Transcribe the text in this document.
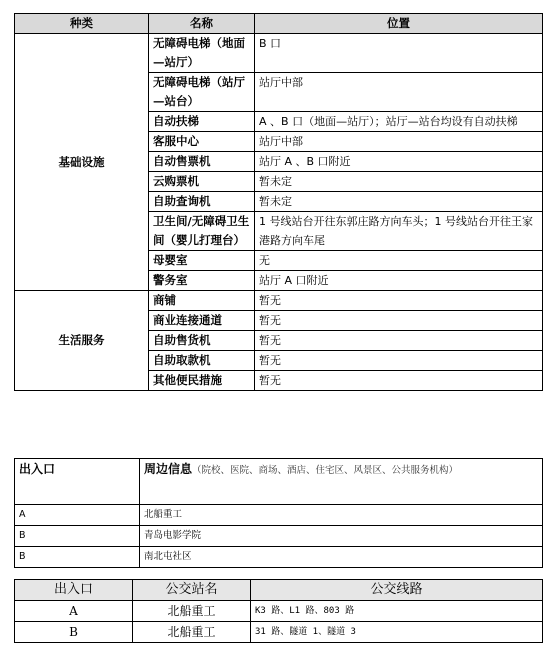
种类	名称	位置
基础设施	无障碍电梯（地面—站厅）	B 口
	无障碍电梯（站厅—站台）	站厅中部
	自动扶梯	A 、B 口（地面—站厅）；站厅—站台均设有自动扶梯
	客服中心	站厅中部
	自动售票机	站厅 A 、B 口附近
	云购票机	暂未定
	自助查询机	暂未定
	卫生间/无障碍卫生间（婴儿打理台）	1 号线站台开往东郭庄路方向车头；1 号线站台开往王家港路方向车尾
	母婴室	无
	警务室	站厅 A 口附近
生活服务	商铺	暂无
	商业连接通道	暂无
	自助售货机	暂无
	自助取款机	暂无
	其他便民措施	暂无
出入口	周边信息（院校、医院、商场、酒店、住宅区、风景区、公共服务机构）
A	北船重工
B	青岛电影学院
B	南北屯社区
出入口	公交站名	公交线路
A	北船重工	K3 路、L1 路、803 路
B	北船重工	31 路、隧道 1、隧道 3
